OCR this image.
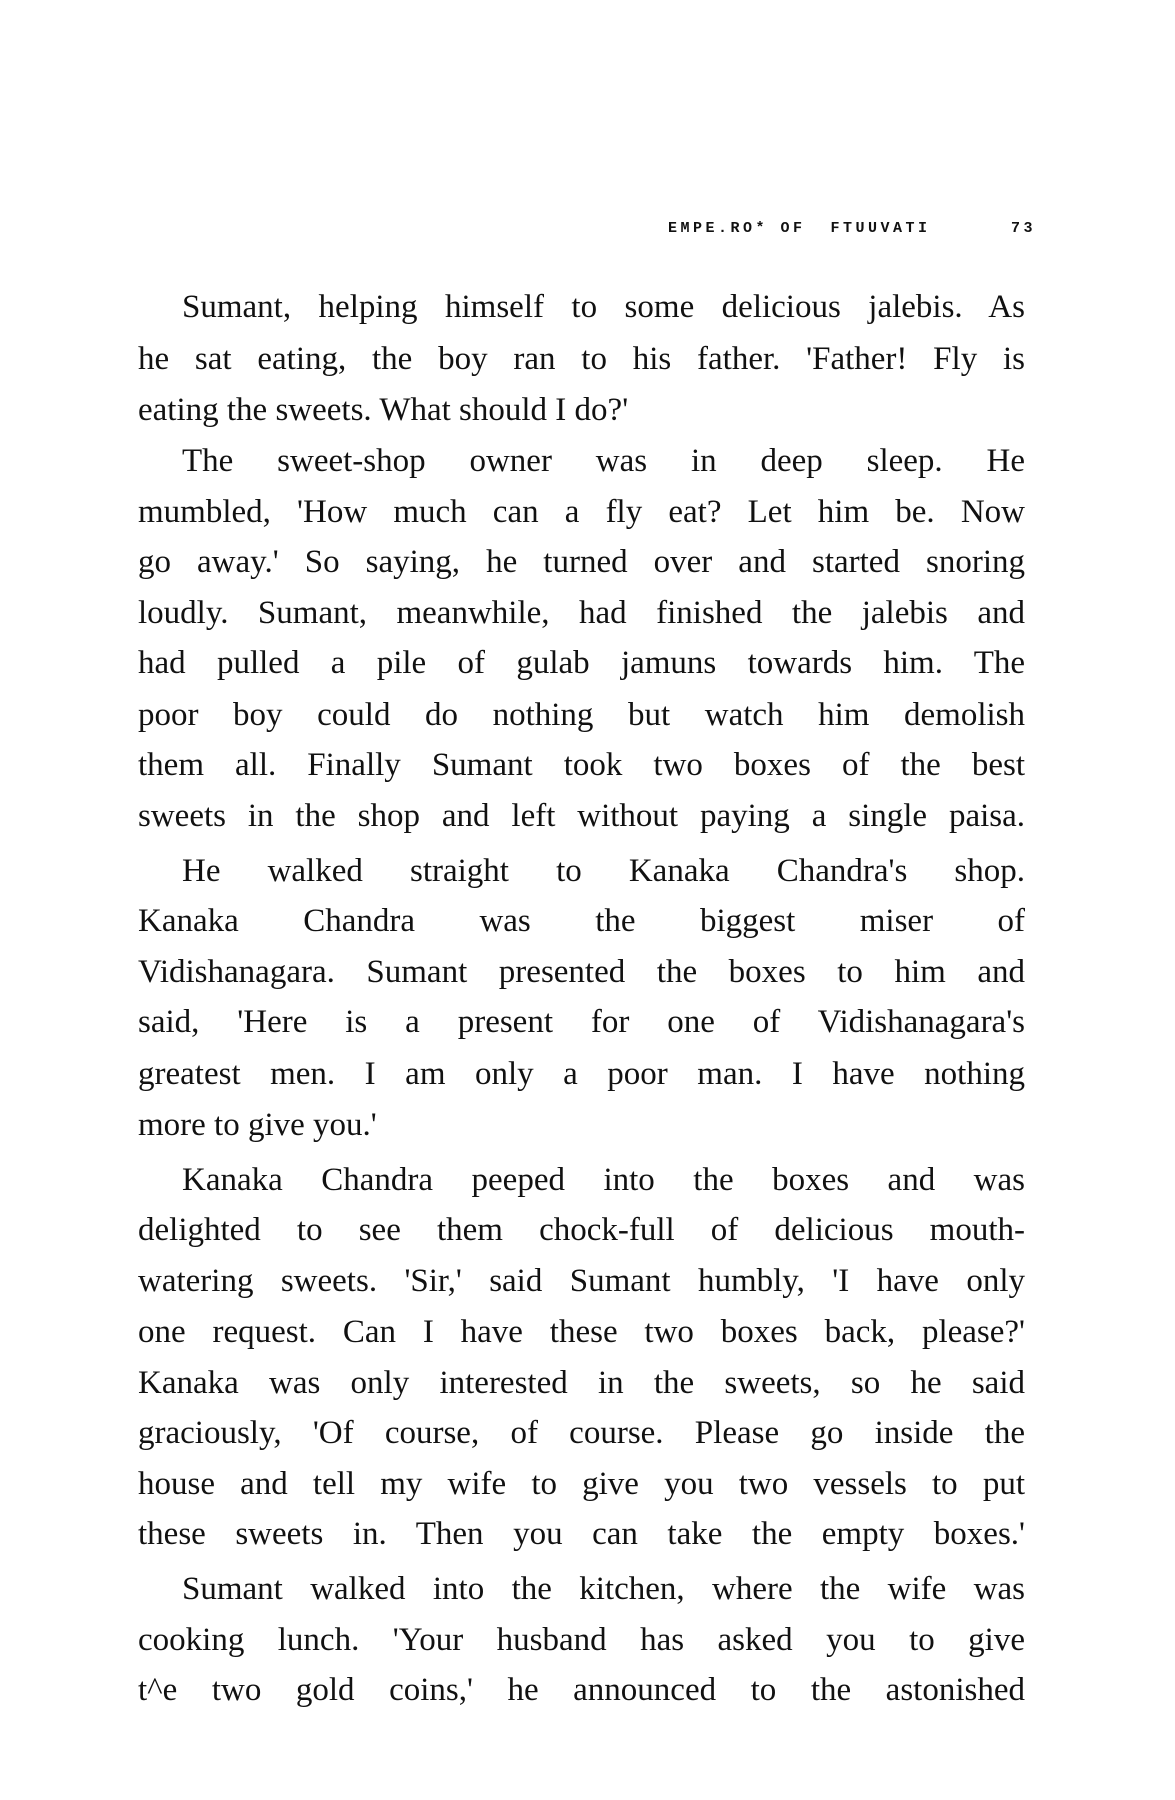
EMPE.RO* OF  FTUUVATI	73
Sumant, helping himself to some delicious jalebis. As
he sat eating, the boy ran to his father. 'Father! Fly is
eating the sweets. What should I do?'
The sweet-shop owner was in deep sleep. He
mumbled, 'How much can a fly eat? Let him be. Now
go away.' So saying, he turned over and started snoring
loudly. Sumant, meanwhile, had finished the jalebis and
had pulled a pile of gulab jamuns towards him. The
poor boy could do nothing but watch him demolish
them all. Finally Sumant took two boxes of the best
sweets in the shop and left without paying a single paisa.
He walked straight to Kanaka Chandra's shop.
Kanaka Chandra was the biggest miser of
Vidishanagara. Sumant presented the boxes to him and
said, 'Here is a present for one of Vidishanagara's
greatest men. I am only a poor man. I have nothing
more to give you.'
Kanaka Chandra peeped into the boxes and was
delighted to see them chock-full of delicious mouth-
watering sweets. 'Sir,' said Sumant humbly, 'I have only
one request. Can I have these two boxes back, please?'
Kanaka was only interested in the sweets, so he said
graciously, 'Of course, of course. Please go inside the
house and tell my wife to give you two vessels to put
these sweets in. Then you can take the empty boxes.'
Sumant walked into the kitchen, where the wife was
cooking lunch. 'Your husband has asked you to give
t^e two gold coins,' he announced to the astonished
